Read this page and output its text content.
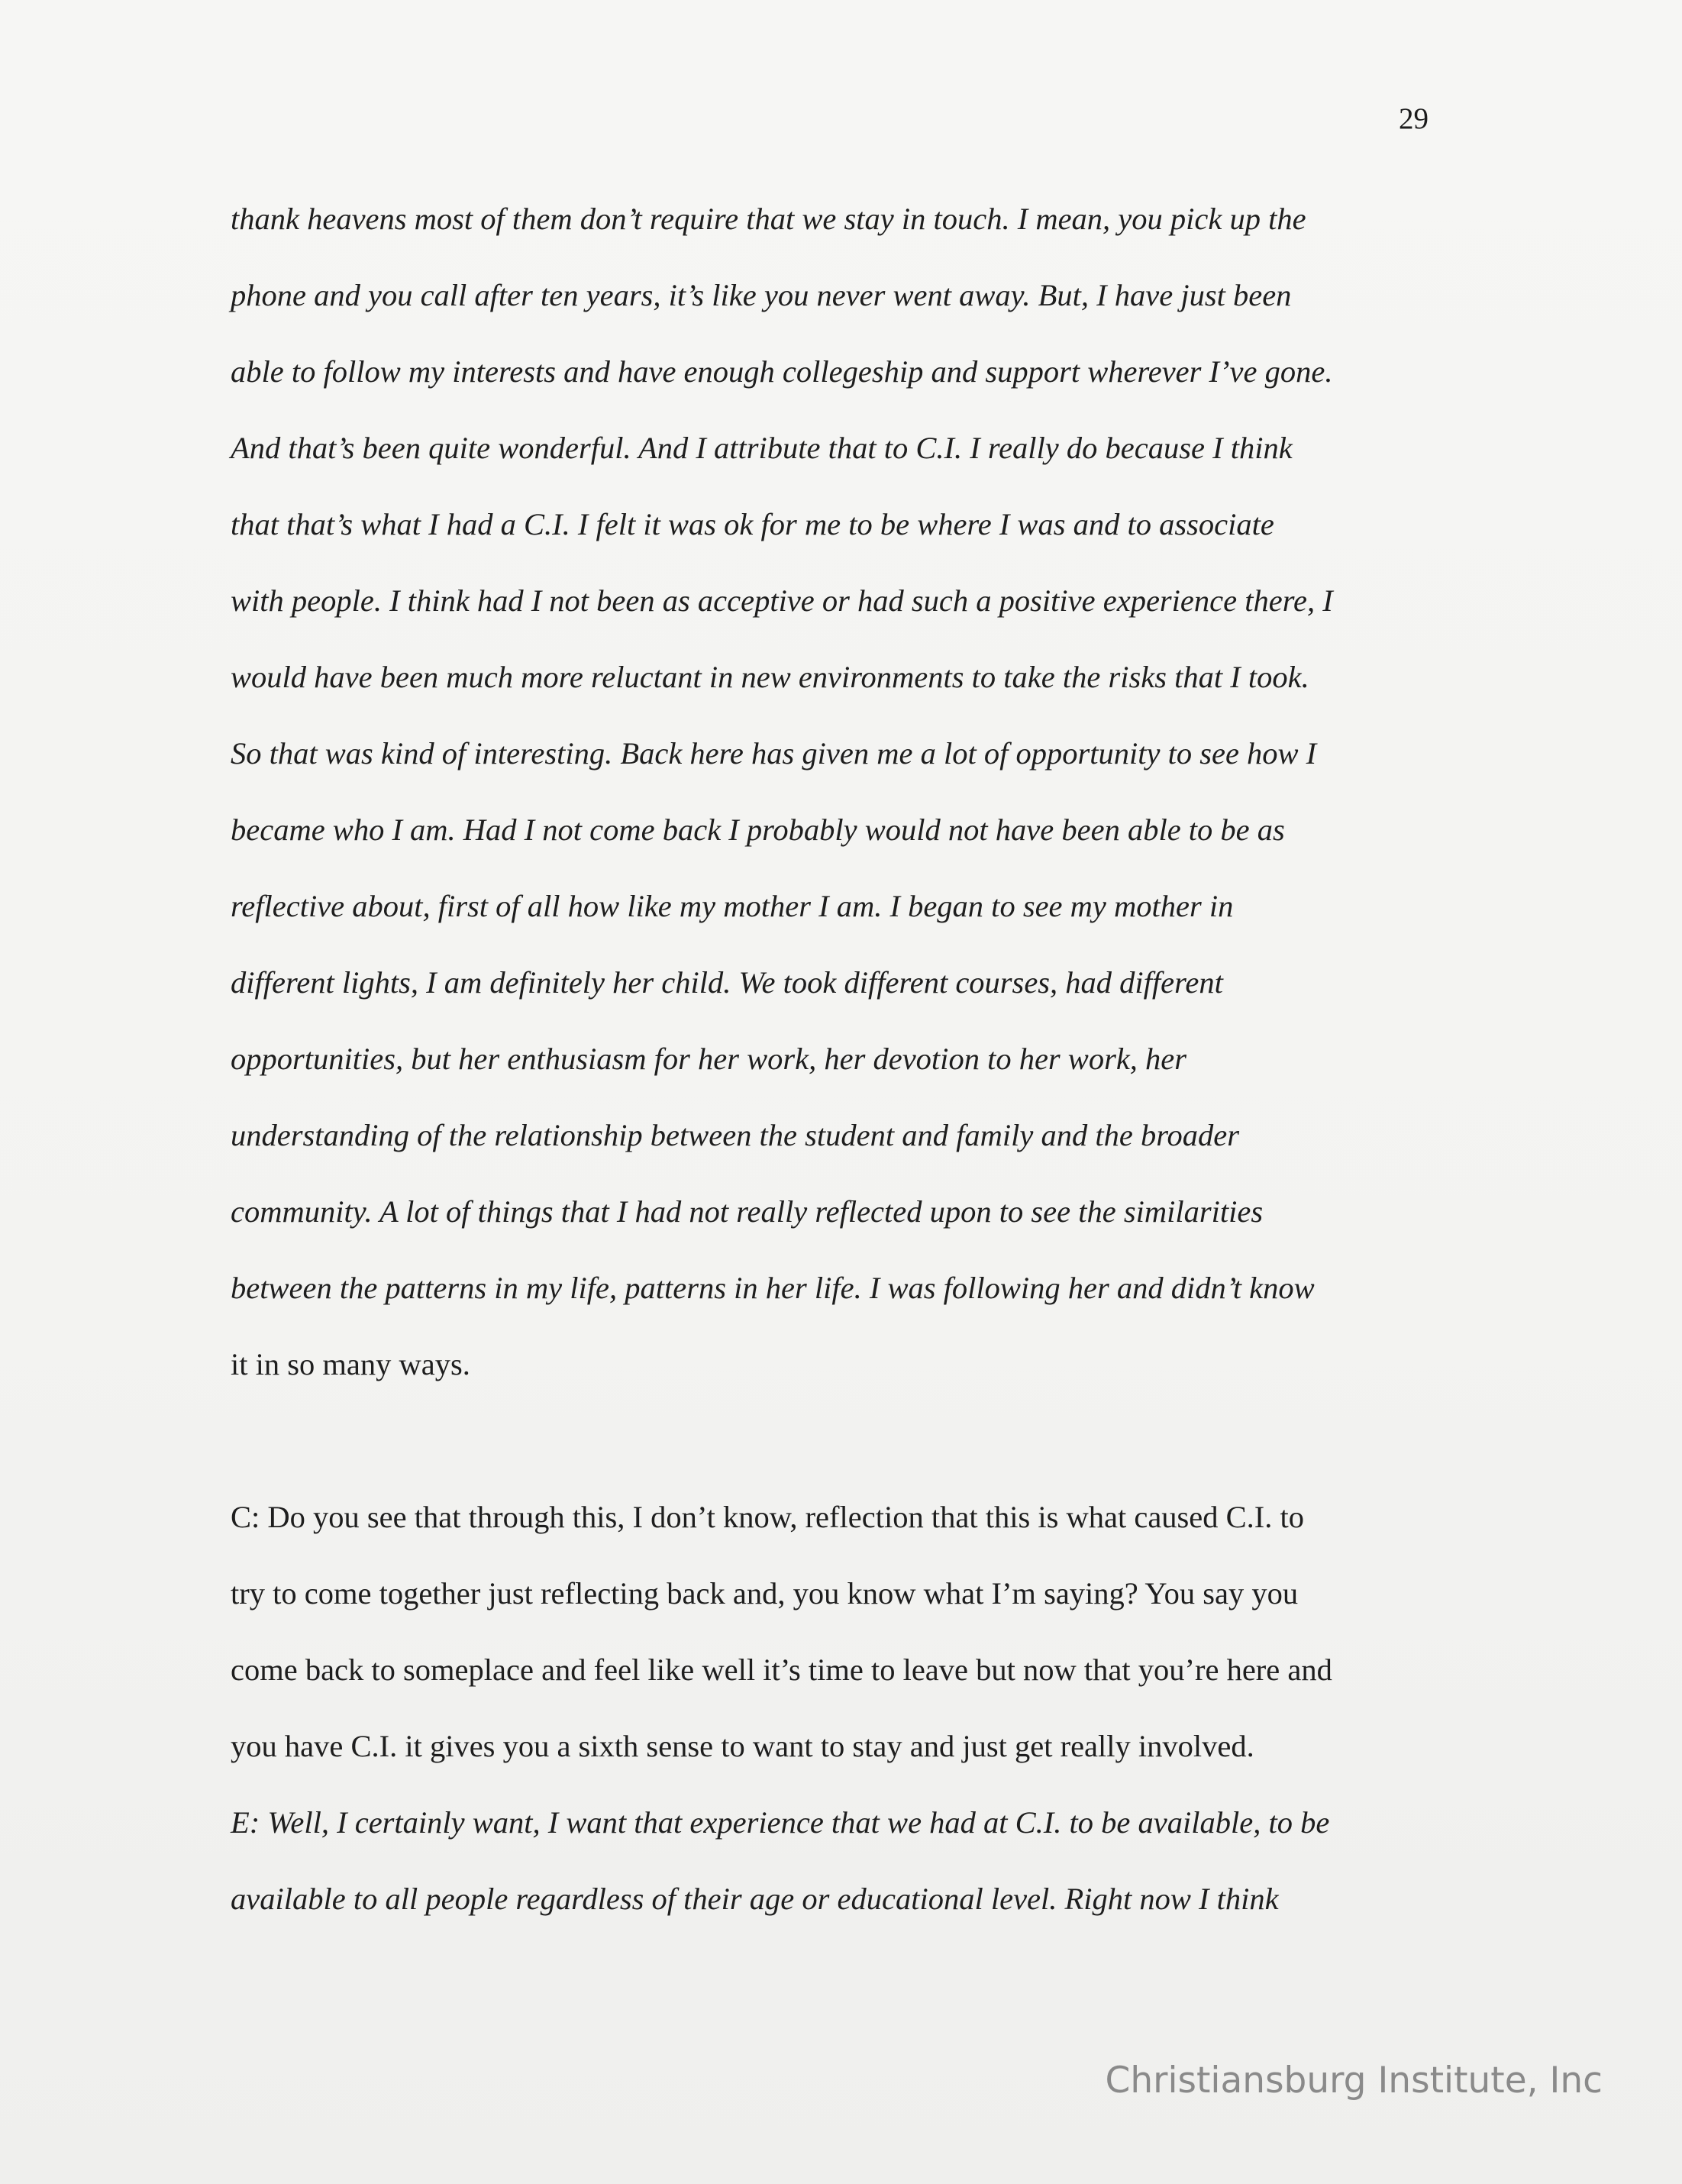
29
thank heavens most of them don’t require that we stay in touch. I mean, you pick up the
phone and you call after ten years, it’s like you never went away. But, I have just been
able to follow my interests and have enough collegeship and support wherever I’ve gone.
And that’s been quite wonderful. And I attribute that to C.I. I really do because I think
that that’s what I had a C.I. I felt it was ok for me to be where I was and to associate
with people. I think had I not been as acceptive or had such a positive experience there, I
would have been much more reluctant in new environments to take the risks that I took.
So that was kind of interesting. Back here has given me a lot of opportunity to see how I
became who I am. Had I not come back I probably would not have been able to be as
reflective about, first of all how like my mother I am. I began to see my mother in
different lights, I am definitely her child. We took different courses, had different
opportunities, but her enthusiasm for her work, her devotion to her work, her
understanding of the relationship between the student and family and the broader
community. A lot of things that I had not really reflected upon to see the similarities
between the patterns in my life, patterns in her life. I was following her and didn’t know
it in so many ways.
C: Do you see that through this, I don’t know, reflection that this is what caused C.I. to
try to come together just reflecting back and, you know what I’m saying? You say you
come back to someplace and feel like well it’s time to leave but now that you’re here and
you have C.I. it gives you a sixth sense to want to stay and just get really involved.
E: Well, I certainly want, I want that experience that we had at C.I. to be available, to be
available to all people regardless of their age or educational level. Right now I think
Christiansburg Institute, Inc
